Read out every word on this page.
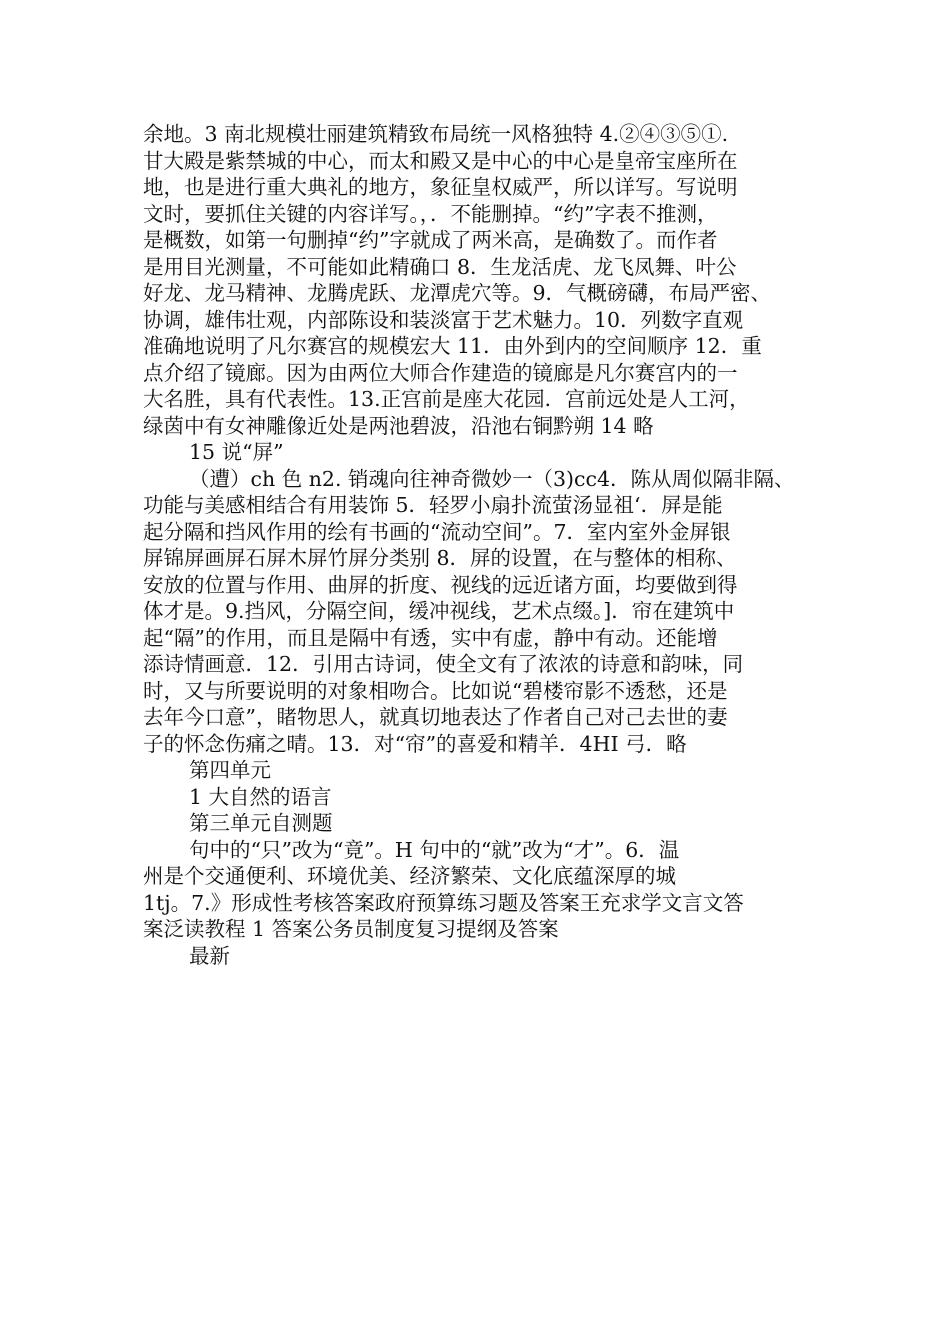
余地。3 南北规模壮丽建筑精致布局统一风格独特 4.②④③⑤①.
甘大殿是紫禁城的中心，而太和殿又是中心的中心是皇帝宝座所在
地，也是进行重大典礼的地方，象征皇权威严，所以详写。写说明
文时，要抓住关键的内容详写。，．不能删掉。“约”字表不推测，
是概数，如第一句删掉“约”字就成了两米高，是确数了。而作者
是用目光测量，不可能如此精确口 8．生龙活虎、龙飞凤舞、叶公
好龙、龙马精神、龙腾虎跃、龙潭虎穴等。9．气概磅礴，布局严密、
协调，雄伟壮观，内部陈设和装淡富于艺术魅力。10．列数字直观
准确地说明了凡尔赛宫的规模宏大 11．由外到内的空间顺序 12．重
点介绍了镜廊。因为由两位大师合作建造的镜廊是凡尔赛宫内的一
大名胜，具有代表性。13.正宫前是座大花园．宫前远处是人工河，
绿茵中有女神雕像近处是两池碧波，沿池右铜黔朔 14 略
15 说“屏”
（遭）ch 色 n2. 销魂向往神奇微妙一（3)cc4．陈从周似隔非隔、
功能与美感相结合有用装饰 5．轻罗小扇扑流萤汤显祖‘．屏是能
起分隔和挡风作用的绘有书画的“流动空间”。7．室内室外金屏银
屏锦屏画屏石屏木屏竹屏分类别 8．屏的设置，在与整体的相称、
安放的位置与作用、曲屏的折度、视线的远近诸方面，均要做到得
体才是。9.挡风，分隔空间，缓冲视线，艺术点缀。]．帘在建筑中
起“隔”的作用，而且是隔中有透，实中有虚，静中有动。还能增
添诗情画意．12．引用古诗词，使全文有了浓浓的诗意和韵味，同
时，又与所要说明的对象相吻合。比如说“碧楼帘影不透愁，还是
去年今口意”，睹物思人，就真切地表达了作者自己对己去世的妻
子的怀念伤痛之晴。13．对“帘”的喜爱和精羊．4HI 弓．略
第四单元
1 大自然的语言
第三单元自测题
句中的“只”改为“竟”。H 句中的“就”改为“才”。6．温
州是个交通便利、环境优美、经济繁荣、文化底蕴深厚的城
1tj。7.》形成性考核答案政府预算练习题及答案王充求学文言文答
案泛读教程 1 答案公务员制度复习提纲及答案
最新
